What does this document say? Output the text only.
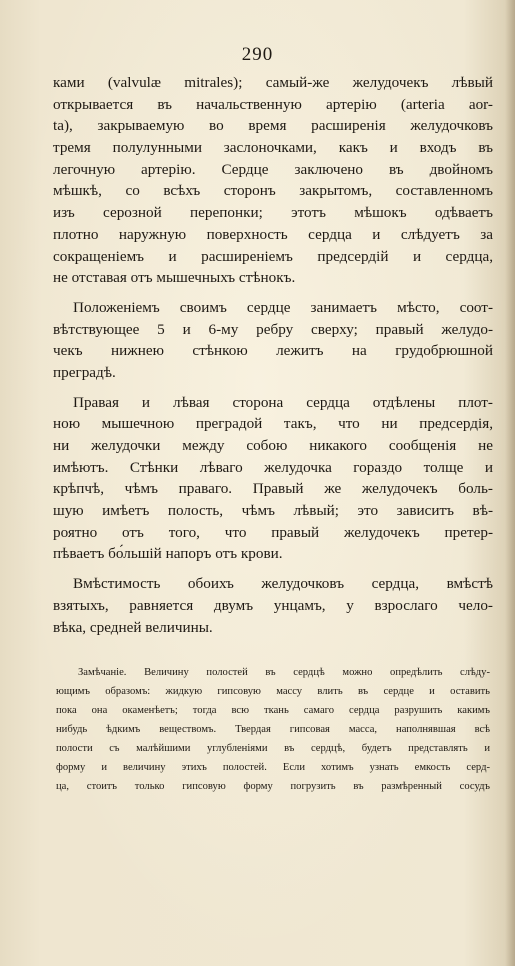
290
ками (valvulæ mitrales); самый-же желудочекъ лѣвый
открывается въ начальственную артерію (arteria aor-
ta), закрываемую во время расширенія желудочковъ
тремя полулунными заслоночками, какъ и входъ въ
легочную артерію. Сердце заключено въ двойномъ
мѣшкѣ, со всѣхъ сторонъ закрытомъ, составленномъ
изъ серозной перепонки; этотъ мѣшокъ одѣваетъ
плотно наружную поверхность сердца и слѣдуетъ за
сокращеніемъ и расширеніемъ предсердій и сердца,
не отставая отъ мышечныхъ стѣнокъ.
Положеніемъ своимъ сердце занимаетъ мѣсто, соот-
вѣтствующее 5 и 6-му ребру сверху; правый желудо-
чекъ нижнею стѣнкою лежитъ на грудобрюшной
преградѣ.
Правая и лѣвая сторона сердца отдѣлены плот-
ною мышечною преградой такъ, что ни предсердія,
ни желудочки между собою никакого сообщенія не
имѣютъ. Стѣнки лѣваго желудочка гораздо толще и
крѣпчѣ, чѣмъ праваго. Правый же желудочекъ боль-
шую имѣетъ полость, чѣмъ лѣвый; это зависитъ вѣ-
роятно отъ того, что правый желудочекъ претер-
пѣваетъ бо́льшій напоръ отъ крови.
Вмѣстимость обоихъ желудочковъ сердца, вмѣстѣ
взятыхъ, равняется двумъ унцамъ, у взрослаго чело-
вѣка, средней величины.
Замѣчаніе. Величину полостей въ сердцѣ можно опредѣлить слѣду-
ющимъ образомъ: жидкую гипсовую массу влить въ сердце и оставить
пока она окаменѣетъ; тогда всю ткань самаго сердца разрушить какимъ
нибудь ѣдкимъ веществомъ. Твердая гипсовая масса, наполнявшая всѣ
полости съ малѣйшими углубленіями въ сердцѣ, будетъ представлять и
форму и величину этихъ полостей. Если хотимъ узнать емкость серд-
ца, стоитъ только гипсовую форму погрузить въ размѣренный сосудъ
